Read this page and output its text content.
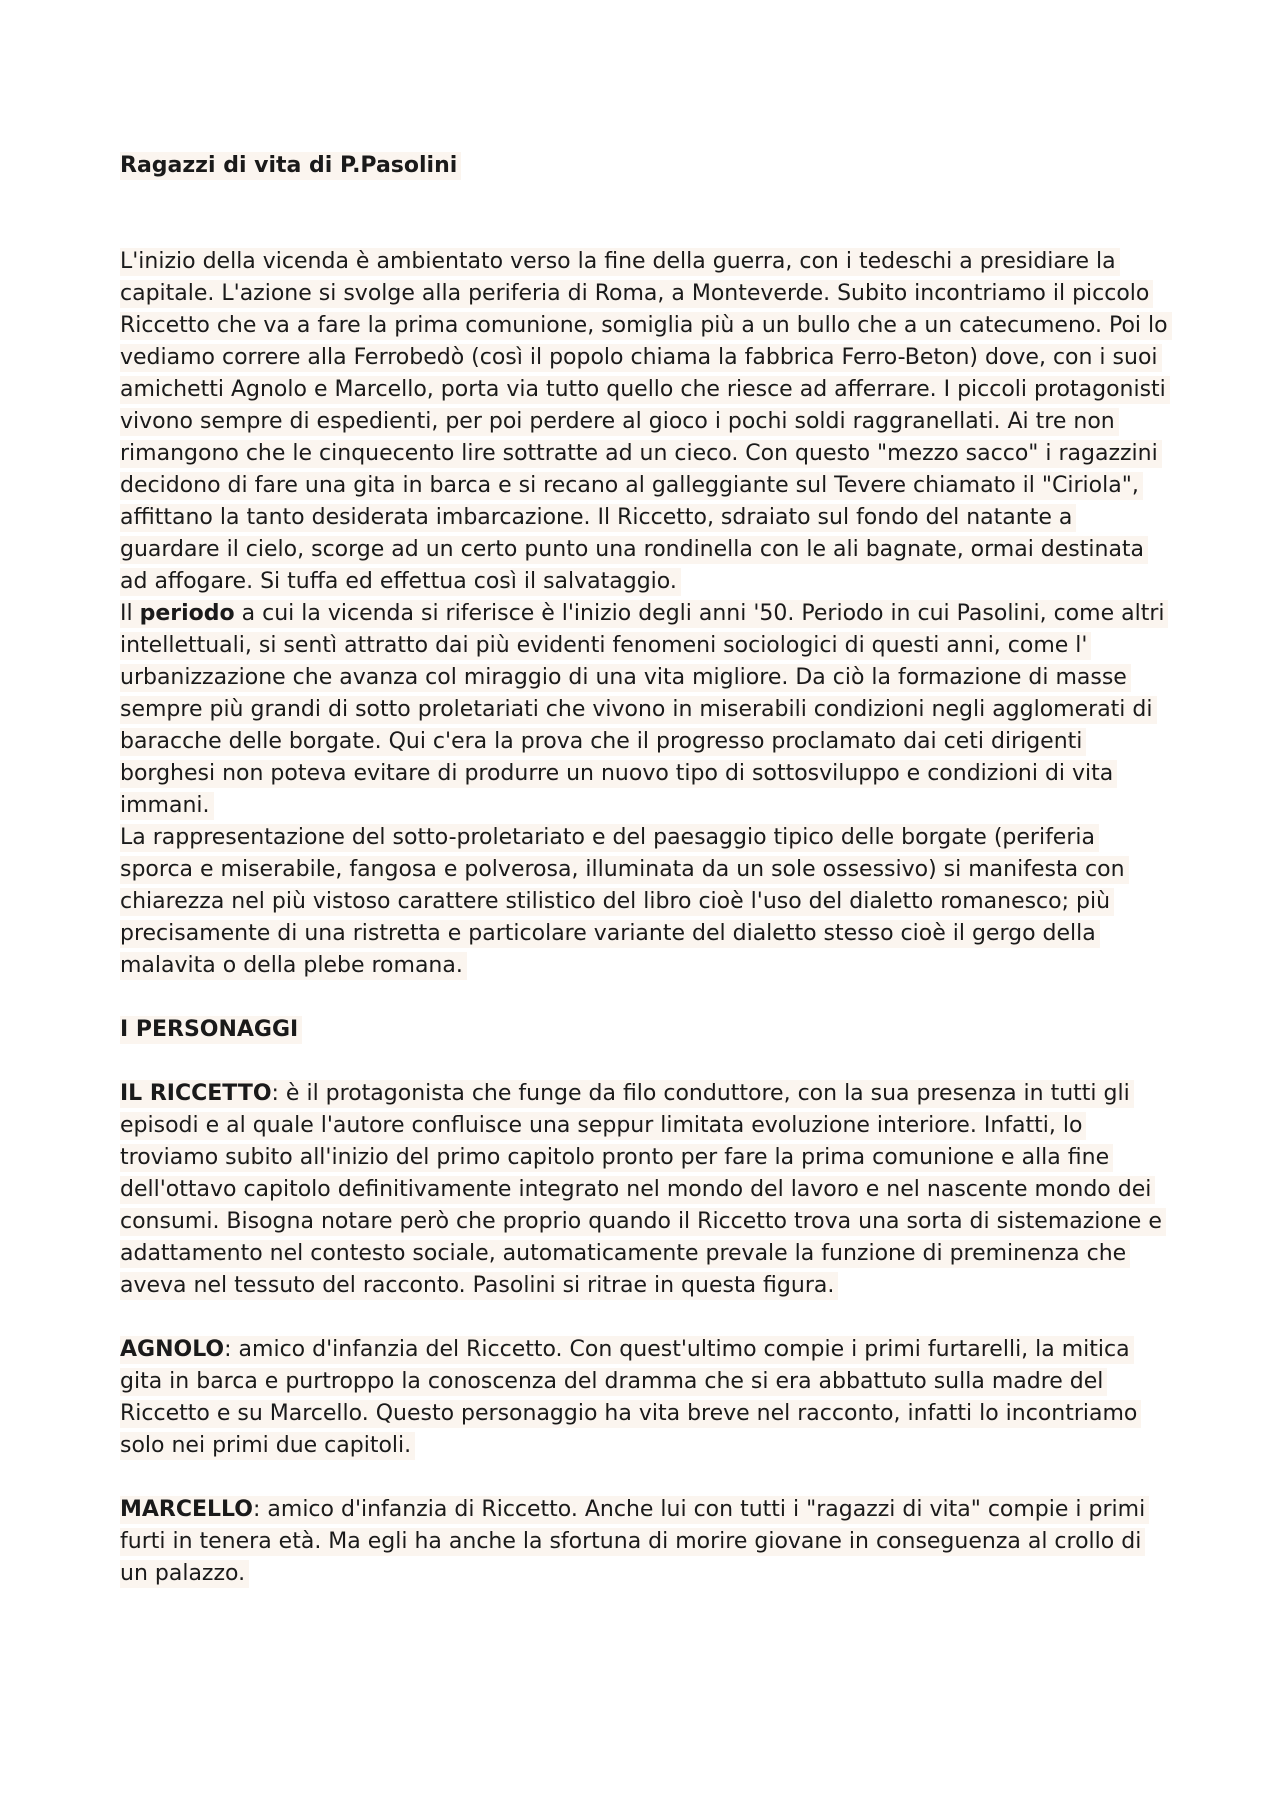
Ragazzi di vita di P.Pasolini

L'inizio della vicenda è ambientato verso la fine della guerra, con i tedeschi a presidiare la capitale. L'azione si svolge alla periferia di Roma, a Monteverde. Subito incontriamo il piccolo Riccetto che va a fare la prima comunione, somiglia più a un bullo che a un catecumeno. Poi lo vediamo correre alla Ferrobedò (così il popolo chiama la fabbrica Ferro-Beton) dove, con i suoi amichetti Agnolo e Marcello, porta via tutto quello che riesce ad afferrare. I piccoli protagonisti vivono sempre di espedienti, per poi perdere al gioco i pochi soldi raggranellati. Ai tre non rimangono che le cinquecento lire sottratte ad un cieco. Con questo "mezzo sacco" i ragazzini decidono di fare una gita in barca e si recano al galleggiante sul Tevere chiamato il "Ciriola", affittano la tanto desiderata imbarcazione. Il Riccetto, sdraiato sul fondo del natante a guardare il cielo, scorge ad un certo punto una rondinella con le ali bagnate, ormai destinata ad affogare. Si tuffa ed effettua così il salvataggio.

Il periodo a cui la vicenda si riferisce è l'inizio degli anni '50. Periodo in cui Pasolini, come altri intellettuali, si sentì attratto dai più evidenti fenomeni sociologici di questi anni, come l' urbanizzazione che avanza col miraggio di una vita migliore. Da ciò la formazione di masse sempre più grandi di sotto proletariati che vivono in miserabili condizioni negli agglomerati di baracche delle borgate. Qui c'era la prova che il progresso proclamato dai ceti dirigenti borghesi non poteva evitare di produrre un nuovo tipo di sottosviluppo e condizioni di vita immani.

La rappresentazione del sotto-proletariato e del paesaggio tipico delle borgate (periferia sporca e miserabile, fangosa e polverosa, illuminata da un sole ossessivo) si manifesta con chiarezza nel più vistoso carattere stilistico del libro cioè l'uso del dialetto romanesco; più precisamente di una ristretta e particolare variante del dialetto stesso cioè il gergo della malavita o della plebe romana.

I PERSONAGGI

IL RICCETTO: è il protagonista che funge da filo conduttore, con la sua presenza in tutti gli episodi e al quale l'autore confluisce una seppur limitata evoluzione interiore. Infatti, lo troviamo subito all'inizio del primo capitolo pronto per fare la prima comunione e alla fine dell'ottavo capitolo definitivamente integrato nel mondo del lavoro e nel nascente mondo dei consumi. Bisogna notare però che proprio quando il Riccetto trova una sorta di sistemazione e adattamento nel contesto sociale, automaticamente prevale la funzione di preminenza che aveva nel tessuto del racconto. Pasolini si ritrae in questa figura.

AGNOLO: amico d'infanzia del Riccetto. Con quest'ultimo compie i primi furtarelli, la mitica gita in barca e purtroppo la conoscenza del dramma che si era abbattuto sulla madre del Riccetto e su Marcello. Questo personaggio ha vita breve nel racconto, infatti lo incontriamo solo nei primi due capitoli.

MARCELLO: amico d'infanzia di Riccetto. Anche lui con tutti i "ragazzi di vita" compie i primi furti in tenera età. Ma egli ha anche la sfortuna di morire giovane in conseguenza al crollo di un palazzo.
